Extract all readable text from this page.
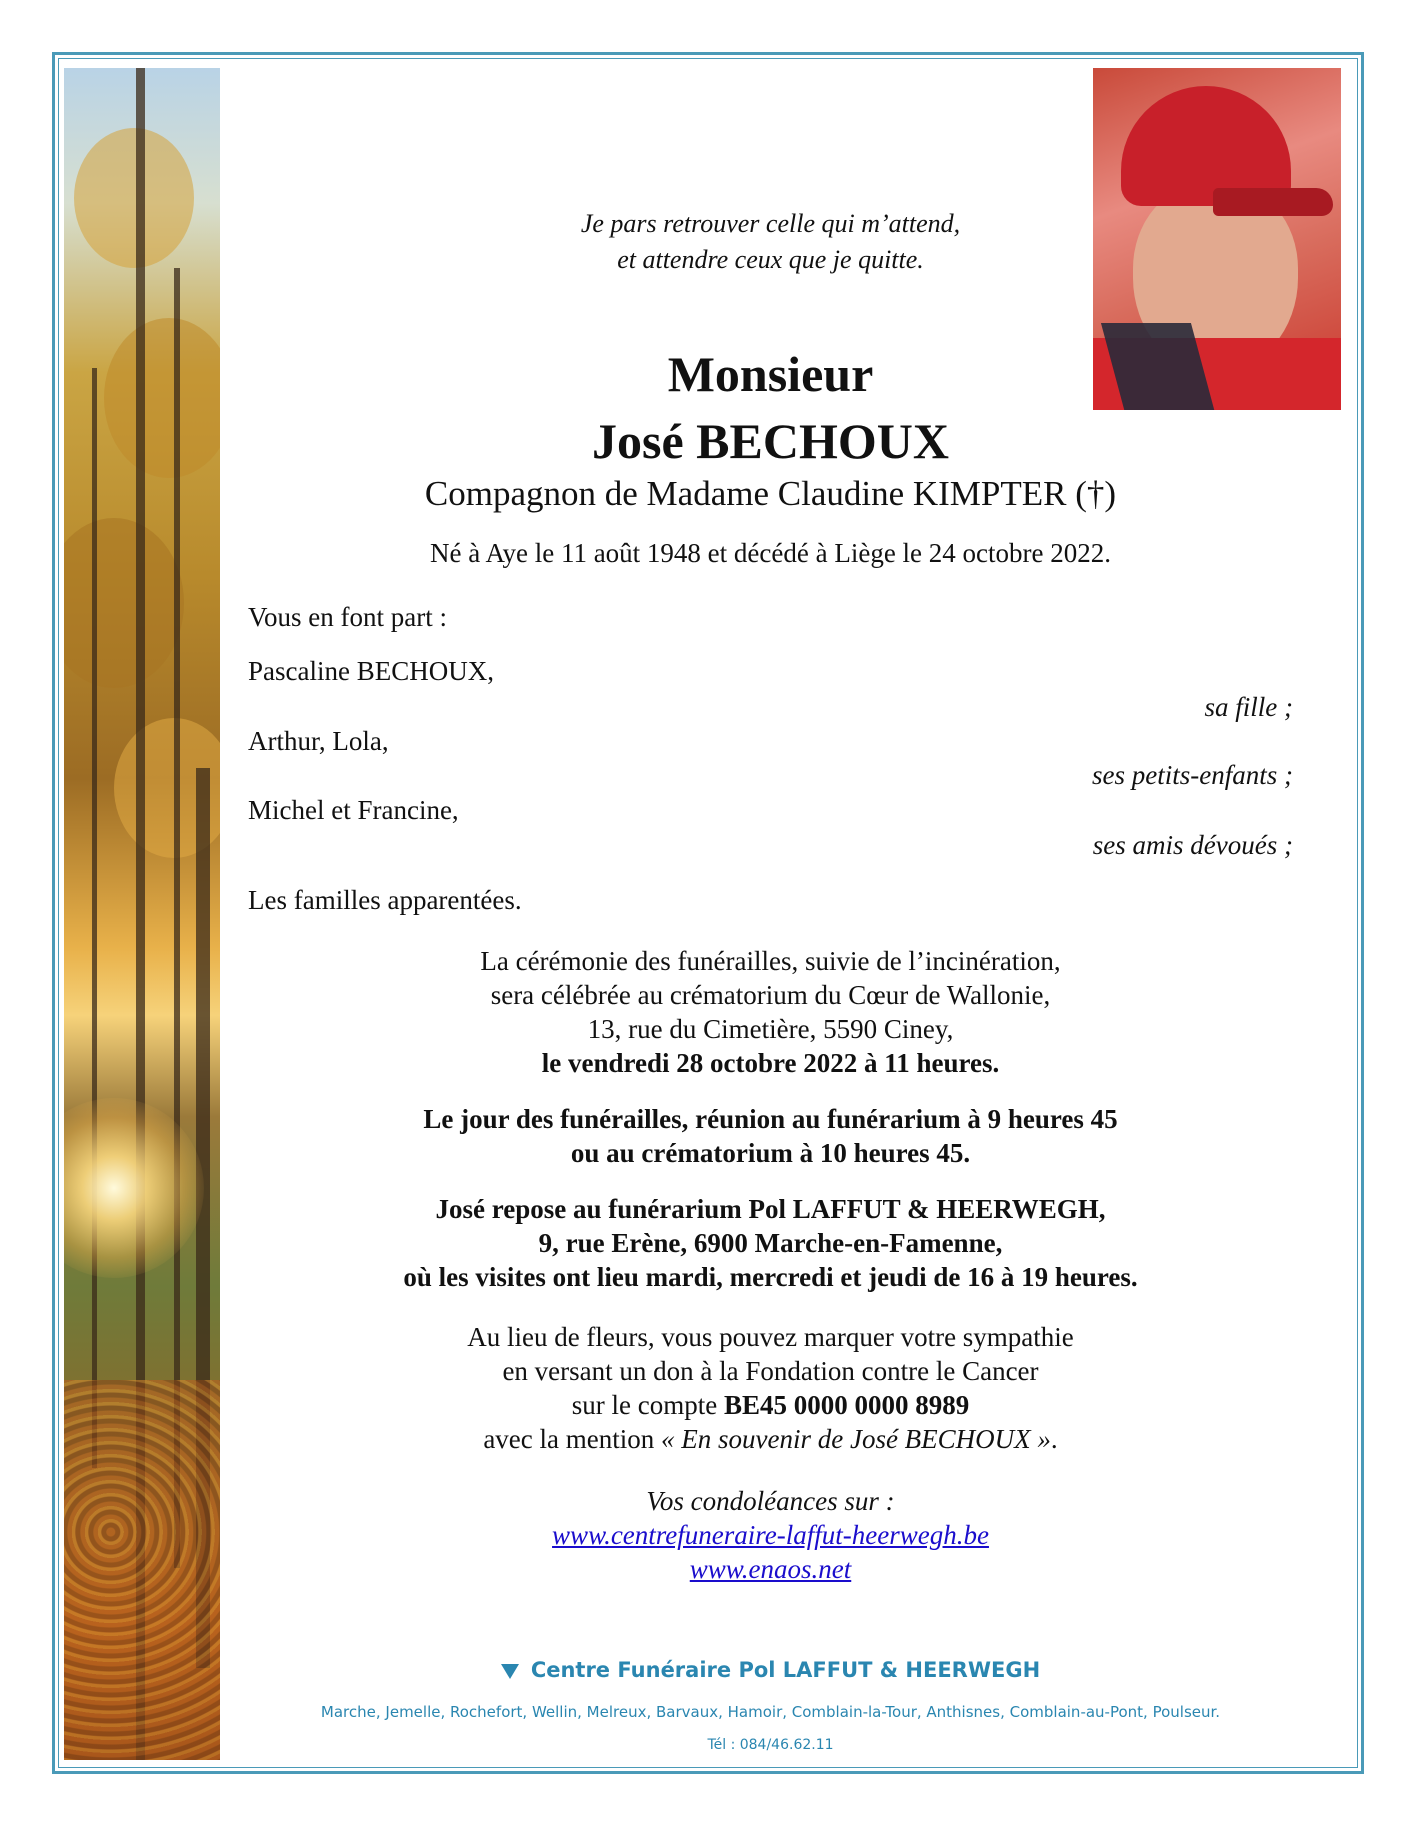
Je pars retrouver celle qui m’attend,
et attendre ceux que je quitte.
Monsieur
José BECHOUX
Compagnon de Madame Claudine KIMPTER (†)
Né à Aye le 11 août 1948 et décédé à Liège le 24 octobre 2022.
Vous en font part :
Pascaline BECHOUX,
sa fille ;
Arthur, Lola,
ses petits-enfants ;
Michel et Francine,
ses amis dévoués ;
Les familles apparentées.
La cérémonie des funérailles, suivie de l’incinération,
sera célébrée au crématorium du Cœur de Wallonie,
13, rue du Cimetière, 5590 Ciney,
le vendredi 28 octobre 2022 à 11 heures.
Le jour des funérailles, réunion au funérarium à 9 heures 45
ou au crématorium à 10 heures 45.
José repose au funérarium Pol LAFFUT & HEERWEGH,
9, rue Erène, 6900 Marche-en-Famenne,
où les visites ont lieu mardi, mercredi et jeudi de 16 à 19 heures.
Au lieu de fleurs, vous pouvez marquer votre sympathie
en versant un don à la Fondation contre le Cancer
sur le compte BE45 0000 0000 8989
avec la mention « En souvenir de José BECHOUX ».
Vos condoléances sur :
www.centrefuneraire-laffut-heerwegh.be
www.enaos.net
Centre Funéraire Pol LAFFUT & HEERWEGH
Marche, Jemelle, Rochefort, Wellin, Melreux, Barvaux, Hamoir, Comblain-la-Tour, Anthisnes, Comblain-au-Pont, Poulseur.
Tél : 084/46.62.11
